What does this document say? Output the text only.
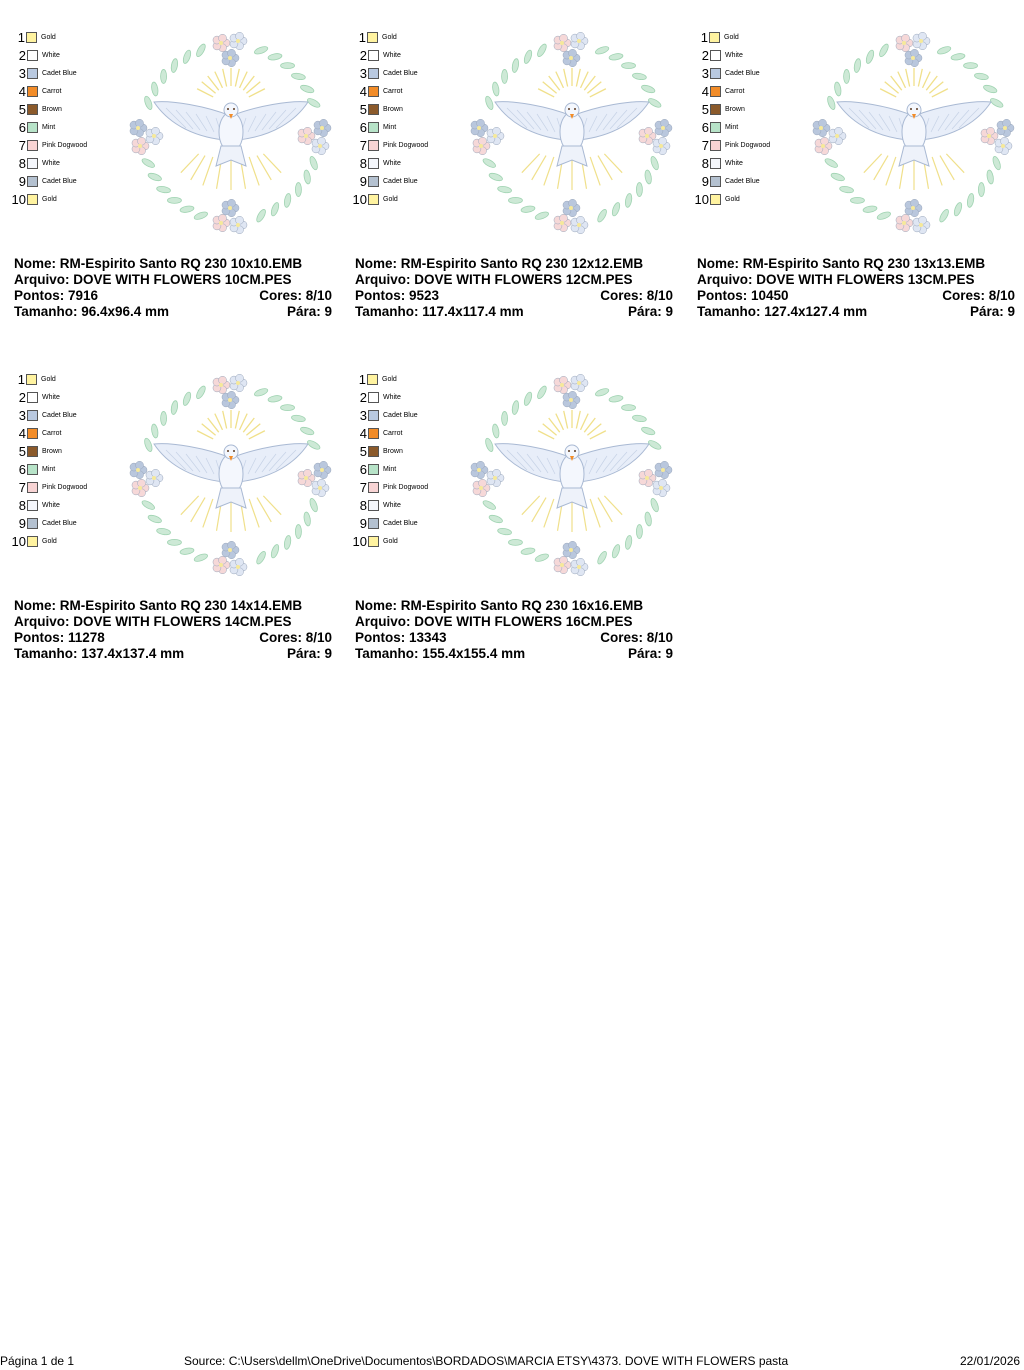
1 Gold
2 White
3 Cadet Blue
4 Carrot
5 Brown
6 Mint
7 Pink Dogwood
8 White
9 Cadet Blue
10 Gold
Nome: RM-Espirito Santo RQ 230 10x10.EMB
Arquivo: DOVE WITH FLOWERS 10CM.PES
Pontos: 7916	Cores: 8/10
Tamanho: 96.4x96.4 mm	Pára: 9
1 Gold
2 White
3 Cadet Blue
4 Carrot
5 Brown
6 Mint
7 Pink Dogwood
8 White
9 Cadet Blue
10 Gold
Nome: RM-Espirito Santo RQ 230 12x12.EMB
Arquivo: DOVE WITH FLOWERS 12CM.PES
Pontos: 9523	Cores: 8/10
Tamanho: 117.4x117.4 mm	Pára: 9
1 Gold
2 White
3 Cadet Blue
4 Carrot
5 Brown
6 Mint
7 Pink Dogwood
8 White
9 Cadet Blue
10 Gold
Nome: RM-Espirito Santo RQ 230 13x13.EMB
Arquivo: DOVE WITH FLOWERS 13CM.PES
Pontos: 10450	Cores: 8/10
Tamanho: 127.4x127.4 mm	Pára: 9
1 Gold
2 White
3 Cadet Blue
4 Carrot
5 Brown
6 Mint
7 Pink Dogwood
8 White
9 Cadet Blue
10 Gold
Nome: RM-Espirito Santo RQ 230 14x14.EMB
Arquivo: DOVE WITH FLOWERS 14CM.PES
Pontos: 11278	Cores: 8/10
Tamanho: 137.4x137.4 mm	Pára: 9
1 Gold
2 White
3 Cadet Blue
4 Carrot
5 Brown
6 Mint
7 Pink Dogwood
8 White
9 Cadet Blue
10 Gold
Nome: RM-Espirito Santo RQ 230 16x16.EMB
Arquivo: DOVE WITH FLOWERS 16CM.PES
Pontos: 13343	Cores: 8/10
Tamanho: 155.4x155.4 mm	Pára: 9
Página 1 de 1	Source: C:\Users\dellm\OneDrive\Documentos\BORDADOS\MARCIA ETSY\4373. DOVE WITH FLOWERS pasta	22/01/2026
